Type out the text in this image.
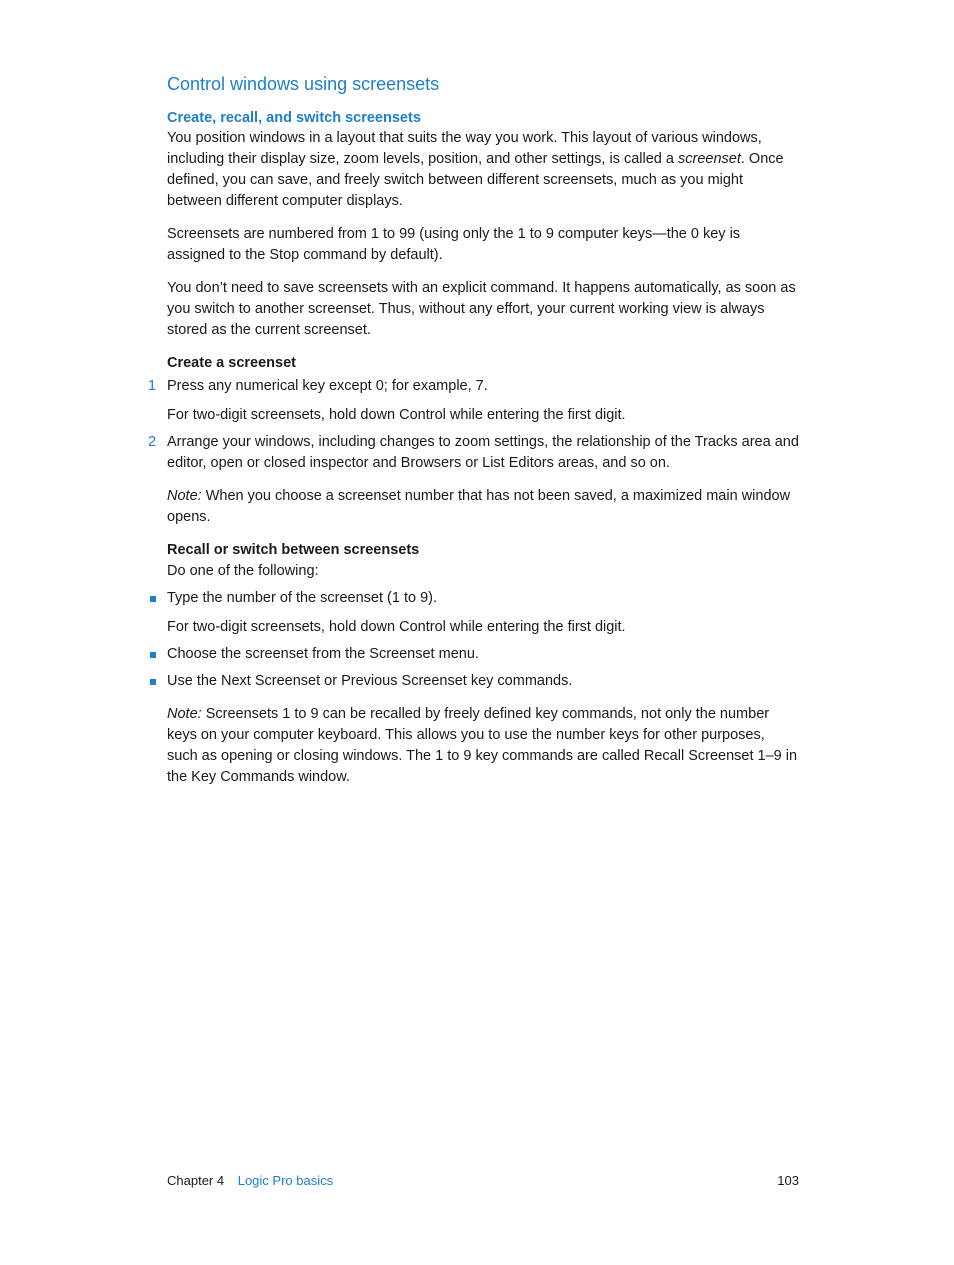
Control windows using screensets
Create, recall, and switch screensets

You position windows in a layout that suits the way you work. This layout of various windows, including their display size, zoom levels, position, and other settings, is called a screenset. Once defined, you can save, and freely switch between different screensets, much as you might between different computer displays.

Screensets are numbered from 1 to 99 (using only the 1 to 9 computer keys—the 0 key is assigned to the Stop command by default).

You don’t need to save screensets with an explicit command. It happens automatically, as soon as you switch to another screenset. Thus, without any effort, your current working view is always stored as the current screenset.

Create a screenset

1 Press any numerical key except 0; for example, 7.

For two-digit screensets, hold down Control while entering the first digit.

2 Arrange your windows, including changes to zoom settings, the relationship of the Tracks area and editor, open or closed inspector and Browsers or List Editors areas, and so on.

Note: When you choose a screenset number that has not been saved, a maximized main window opens.

Recall or switch between screensets

Do one of the following:

Type the number of the screenset (1 to 9).

For two-digit screensets, hold down Control while entering the first digit.

Choose the screenset from the Screenset menu.

Use the Next Screenset or Previous Screenset key commands.

Note: Screensets 1 to 9 can be recalled by freely defined key commands, not only the number keys on your computer keyboard. This allows you to use the number keys for other purposes, such as opening or closing windows. The 1 to 9 key commands are called Recall Screenset 1–9 in the Key Commands window.

Chapter 4 Logic Pro basics	103
